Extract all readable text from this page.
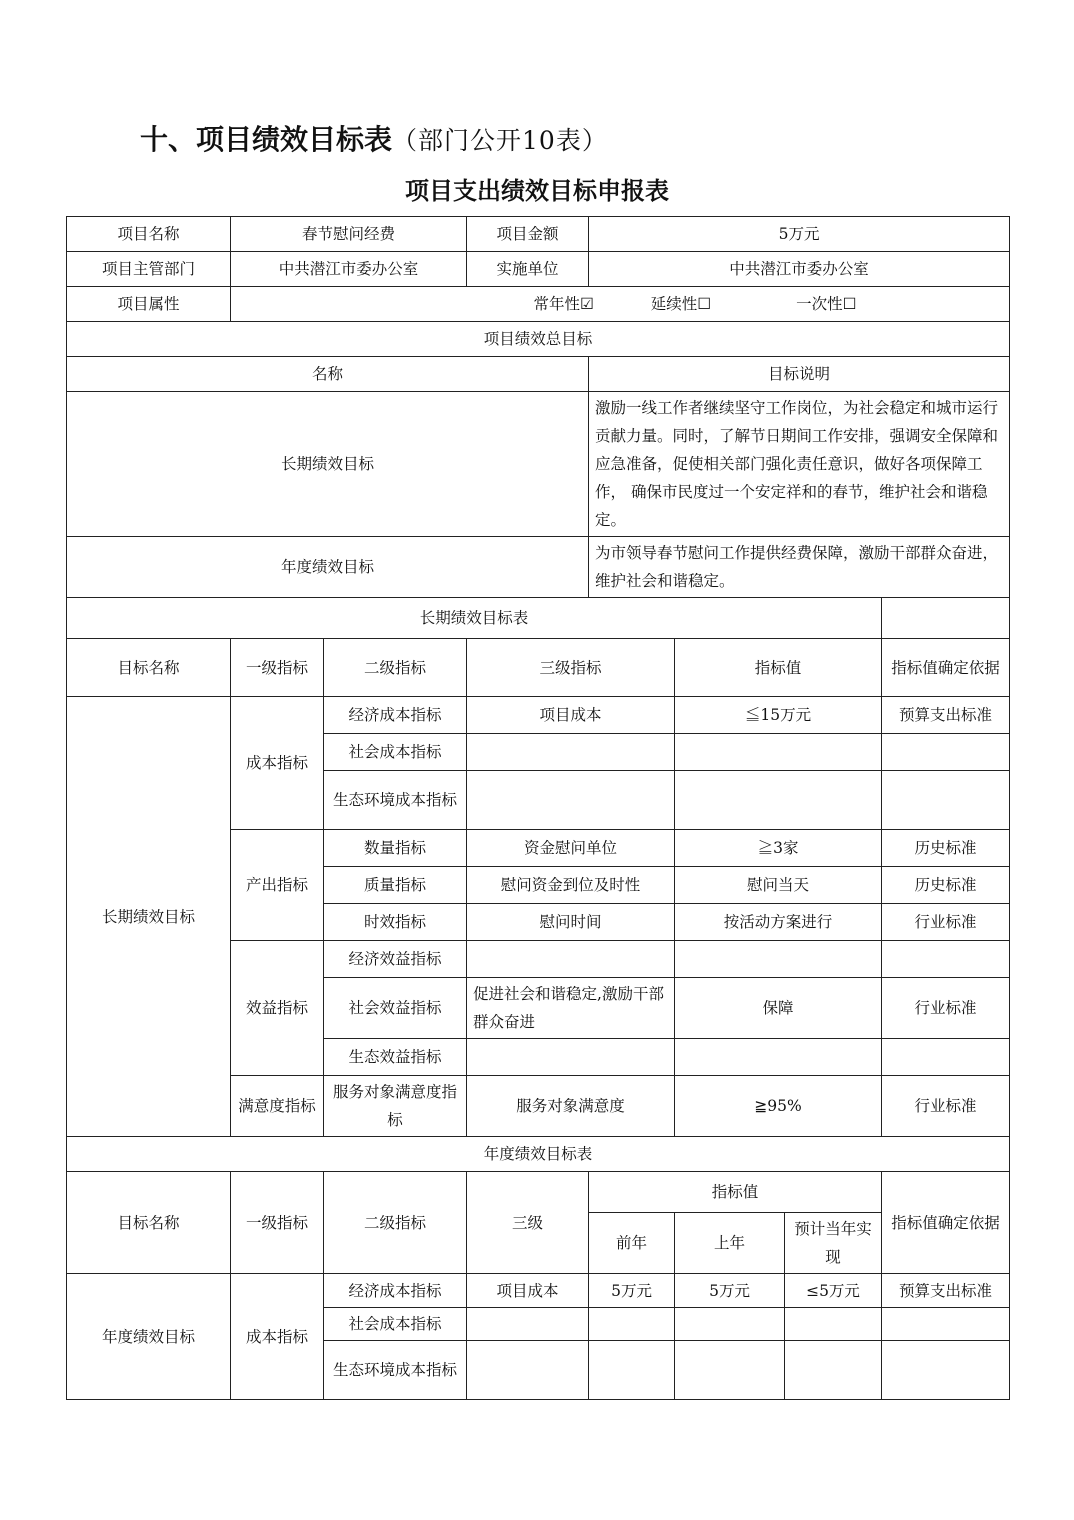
十、项目绩效目标表（部门公开10表）
项目支出绩效目标申报表
项目名称	春节慰问经费		项目金额	5万元			
项目主管部门	中共潜江市委办公室		实施单位	中共潜江市委办公室			
项目属性	常年性☑ 延续性☐ 一次性☐						
项目绩效总目标							
名称				目标说明			
长期绩效目标				激励一线工作者继续坚守工作岗位，为社会稳定和城市运行贡献力量。同时，了解节日期间工作安排，强调安全保障和应急准备，促使相关部门强化责任意识，做好各项保障工作， 确保市民度过一个安定祥和的春节，维护社会和谐稳定。			
年度绩效目标				为市领导春节慰问工作提供经费保障，激励干部群众奋进，维护社会和谐稳定。			
长期绩效目标表							
目标名称	一级指标	二级指标	三级指标		指标值		指标值确定依据
长期绩效目标	成本指标	经济成本指标	项目成本		≦15万元		预算支出标准
		社会成本指标					
		生态环境成本指标					
	产出指标	数量指标	资金慰问单位		≧3家		历史标准
		质量指标	慰问资金到位及时性		慰问当天		历史标准
		时效指标	慰问时间		按活动方案进行		行业标准
	效益指标	经济效益指标					
		社会效益指标	促进社会和谐稳定,激励干部群众奋进		保障		行业标准
		生态效益指标					
	满意度指标	服务对象满意度指标	服务对象满意度		≧95%		行业标准
年度绩效目标表							
目标名称	一级指标	二级指标	三级	指标值			指标值确定依据
				前年	上年	预计当年实现	
年度绩效目标	成本指标	经济成本指标	项目成本	5万元	5万元	≤5万元	预算支出标准
		社会成本指标					
		生态环境成本指标					
